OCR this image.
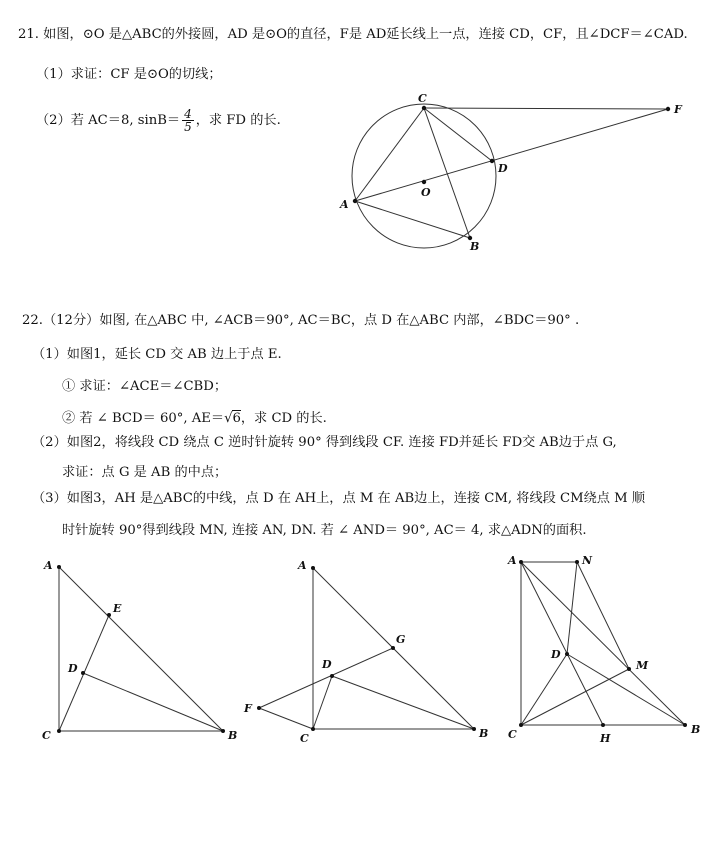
21. 如图，⊙O 是△ABC的外接圆，AD 是⊙O的直径，F是 AD延长线上一点，连接 CD，CF，且∠DCF＝∠CAD.
（1）求证：CF 是⊙O的切线；
（2）若 AC＝8, $\sin B= \frac{4}{5}$ ，求 FD 的长.
22.（12分）如图, 在△ABC 中, ∠ACB＝90°, AC＝BC，点 D 在△ABC 内部，∠BDC＝90° .
（1）如图1，延长 CD 交 AB 边上于点 E.
① 求证：∠ACE＝∠CBD；
② 若 ∠ BCD＝ 60°, AE＝√6，求 CD 的长.
（2）如图2，将线段 CD 绕点 C 逆时针旋转 90° 得到线段 CF. 连接 FD并延长 FD交 AB边于点 G,
求证：点 G 是 AB 的中点；
（3）如图3，AH 是△ABC的中线，点 D 在 AH上，点 M 在 AB边上，连接 CM, 将线段 CM绕点 M 顺
时针旋转 90°得到线段 MN, 连接 AN, DN. 若 ∠ AND＝ 90°, AC＝ 4, 求△ADN的面积.
C
F
D
O
A
B
A
E
D
C	B
A
G
D
F
C	B
A	N
D
M
C	H
B
